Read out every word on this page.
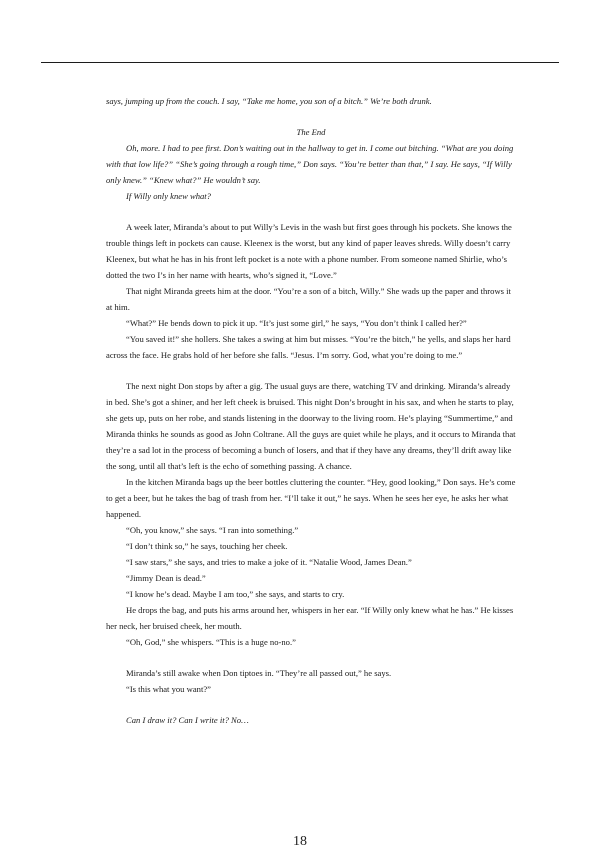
says, jumping up from the couch. I say, “Take me home, you son of a bitch.” We’re both drunk.

The End

Oh, more. I had to pee first. Don’s waiting out in the hallway to get in. I come out bitching. “What are you doing with that low life?” “She’s going through a rough time,” Don says. “You’re better than that,” I say. He says, “If Willy only knew.” “Knew what?” He wouldn’t say.

If Willy only knew what?

A week later, Miranda’s about to put Willy’s Levis in the wash but first goes through his pockets. She knows the trouble things left in pockets can cause. Kleenex is the worst, but any kind of paper leaves shreds. Willy doesn’t carry Kleenex, but what he has in his front left pocket is a note with a phone number. From someone named Shirlie, who’s dotted the two I’s in her name with hearts, who’s signed it, “Love.”

That night Miranda greets him at the door. “You’re a son of a bitch, Willy.” She wads up the paper and throws it at him.

“What?” He bends down to pick it up. “It’s just some girl,” he says, “You don’t think I called her?”

“You saved it!” she hollers. She takes a swing at him but misses. “You’re the bitch,” he yells, and slaps her hard across the face. He grabs hold of her before she falls. “Jesus. I’m sorry. God, what you’re doing to me.”

The next night Don stops by after a gig. The usual guys are there, watching TV and drinking. Miranda’s already in bed. She’s got a shiner, and her left cheek is bruised. This night Don’s brought in his sax, and when he starts to play, she gets up, puts on her robe, and stands listening in the doorway to the living room. He’s playing “Summertime,” and Miranda thinks he sounds as good as John Coltrane. All the guys are quiet while he plays, and it occurs to Miranda that they’re a sad lot in the process of becoming a bunch of losers, and that if they have any dreams, they’ll drift away like the song, until all that’s left is the echo of something passing. A chance.

In the kitchen Miranda bags up the beer bottles cluttering the counter. “Hey, good looking,” Don says. He’s come to get a beer, but he takes the bag of trash from her. “I’ll take it out,” he says. When he sees her eye, he asks her what happened.

“Oh, you know,” she says. “I ran into something.”

“I don’t think so,” he says, touching her cheek.

“I saw stars,” she says, and tries to make a joke of it. “Natalie Wood, James Dean.”

“Jimmy Dean is dead.”

“I know he’s dead. Maybe I am too,” she says, and starts to cry.

He drops the bag, and puts his arms around her, whispers in her ear. “If Willy only knew what he has.” He kisses her neck, her bruised cheek, her mouth.

“Oh, God,” she whispers. “This is a huge no-no.”

Miranda’s still awake when Don tiptoes in. “They’re all passed out,” he says.

“Is this what you want?”

Can I draw it? Can I write it? No…

18
